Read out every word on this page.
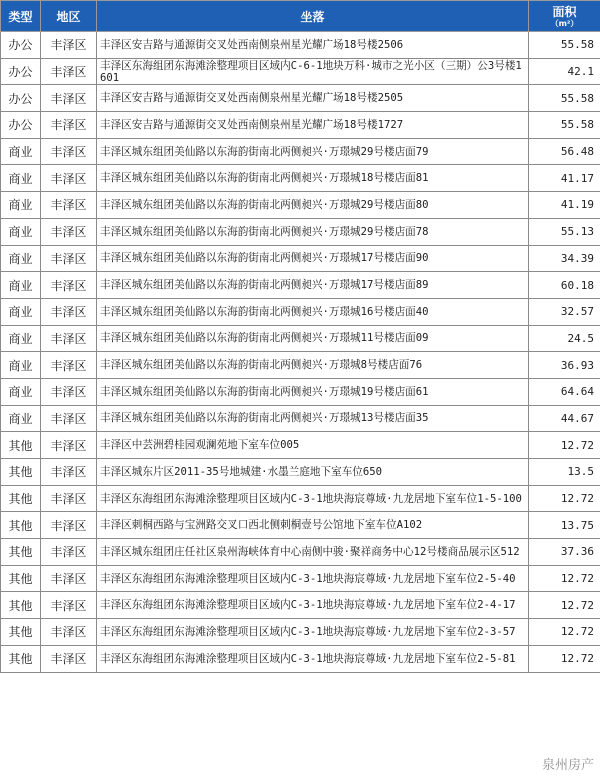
类型	地区	坐落	面积
（m²）

办公	丰泽区	丰泽区安吉路与通源街交叉处西南侧泉州星光耀广场18号楼2506	55.58
办公	丰泽区	丰泽区东海组团东海滩涂整理项目区域内C-6-1地块万科·城市之光小区（三期）公3号楼1601	42.1
办公	丰泽区	丰泽区安吉路与通源街交叉处西南侧泉州星光耀广场18号楼2505	55.58
办公	丰泽区	丰泽区安吉路与通源街交叉处西南侧泉州星光耀广场18号楼1727	55.58
商业	丰泽区	丰泽区城东组团美仙路以东海韵街南北两侧昶兴·万璟城29号楼店面79	56.48
商业	丰泽区	丰泽区城东组团美仙路以东海韵街南北两侧昶兴·万璟城18号楼店面81	41.17
商业	丰泽区	丰泽区城东组团美仙路以东海韵街南北两侧昶兴·万璟城29号楼店面80	41.19
商业	丰泽区	丰泽区城东组团美仙路以东海韵街南北两侧昶兴·万璟城29号楼店面78	55.13
商业	丰泽区	丰泽区城东组团美仙路以东海韵街南北两侧昶兴·万璟城17号楼店面90	34.39
商业	丰泽区	丰泽区城东组团美仙路以东海韵街南北两侧昶兴·万璟城17号楼店面89	60.18
商业	丰泽区	丰泽区城东组团美仙路以东海韵街南北两侧昶兴·万璟城16号楼店面40	32.57
商业	丰泽区	丰泽区城东组团美仙路以东海韵街南北两侧昶兴·万璟城11号楼店面09	24.5
商业	丰泽区	丰泽区城东组团美仙路以东海韵街南北两侧昶兴·万璟城8号楼店面76	36.93
商业	丰泽区	丰泽区城东组团美仙路以东海韵街南北两侧昶兴·万璟城19号楼店面61	64.64
商业	丰泽区	丰泽区城东组团美仙路以东海韵街南北两侧昶兴·万璟城13号楼店面35	44.67
其他	丰泽区	丰泽区中芸洲碧桂园观澜苑地下室车位005	12.72
其他	丰泽区	丰泽区城东片区2011-35号地城建·水墨兰庭地下室车位650	13.5
其他	丰泽区	丰泽区东海组团东海滩涂整理项目区域内C-3-1地块海宸尊域·九龙居地下室车位1-5-100	12.72
其他	丰泽区	丰泽区刺桐西路与宝洲路交叉口西北侧刺桐壹号公馆地下室车位A102	13.75
其他	丰泽区	丰泽区城东组团庄任社区泉州海峡体育中心南侧中骏·聚祥商务中心12号楼商品展示区512	37.36
其他	丰泽区	丰泽区东海组团东海滩涂整理项目区域内C-3-1地块海宸尊域·九龙居地下室车位2-5-40	12.72
其他	丰泽区	丰泽区东海组团东海滩涂整理项目区域内C-3-1地块海宸尊域·九龙居地下室车位2-4-17	12.72
其他	丰泽区	丰泽区东海组团东海滩涂整理项目区域内C-3-1地块海宸尊域·九龙居地下室车位2-3-57	12.72
其他	丰泽区	丰泽区东海组团东海滩涂整理项目区域内C-3-1地块海宸尊域·九龙居地下室车位2-5-81	12.72
泉州房产
